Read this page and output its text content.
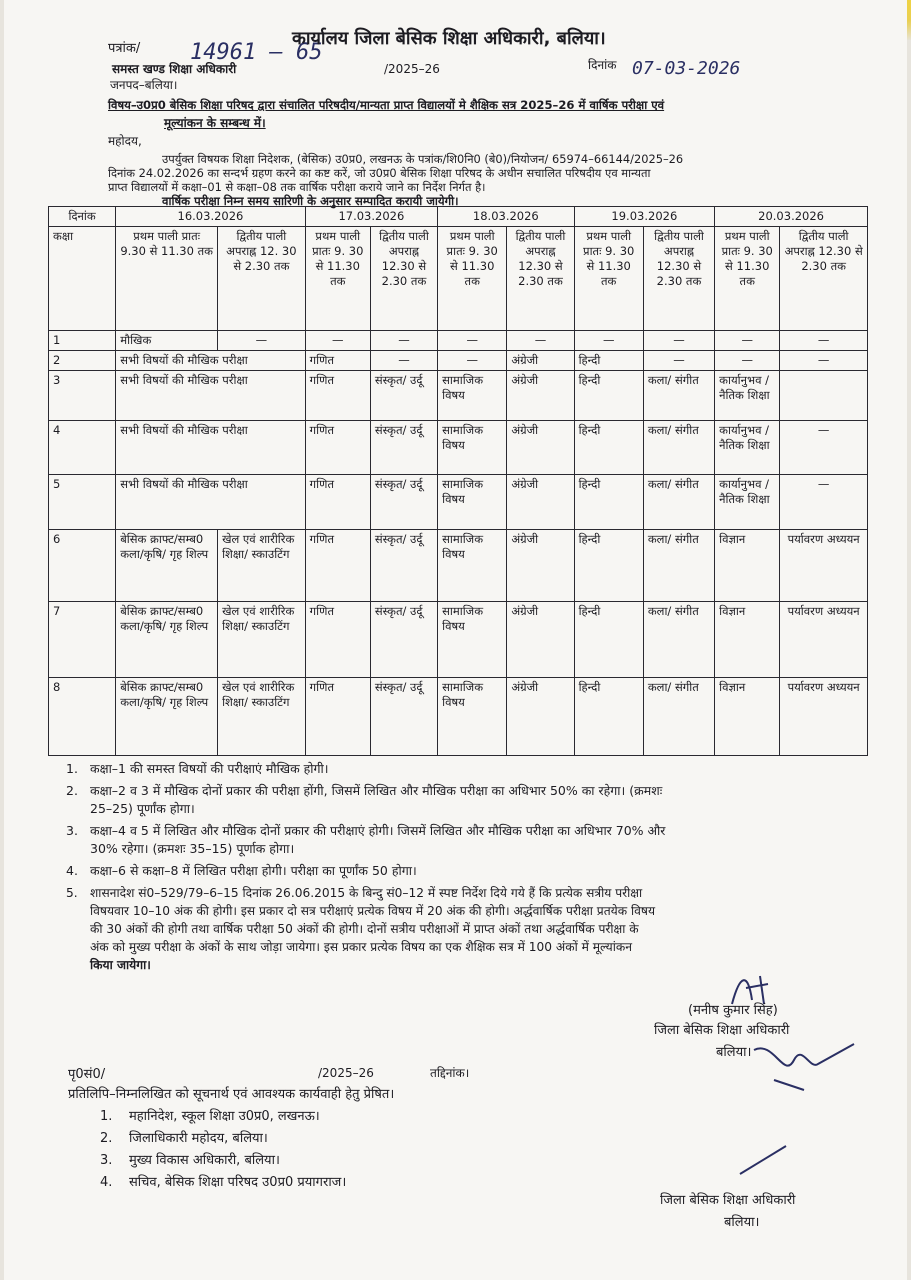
पत्रांक/ 14961 – 65
कार्यालय जिला बेसिक शिक्षा अधिकारी, बलिया।
/2025–26	दिनांक 07-03-2026
समस्त खण्ड शिक्षा अधिकारी
जनपद–बलिया।
विषय–उ0प्र0 बेसिक शिक्षा परिषद द्वारा संचालित परिषदीय/मान्यता प्राप्त विद्यालयों मे शैक्षिक सत्र 2025–26 में वार्षिक परीक्षा एवं
मूल्यांकन के सम्बन्ध में।
महोदय,
उपर्युक्त विषयक शिक्षा निदेशक, (बेसिक) उ0प्र0, लखनऊ के पत्रांक/शि0नि0 (बे0)/नियोजन/ 65974–66144/2025–26
दिनांक 24.02.2026 का सन्दर्भ ग्रहण करने का कष्ट करें, जो उ0प्र0 बेसिक शिक्षा परिषद के अधीन सचालित परिषदीय एव मान्यता
प्राप्त विद्यालयों में कक्षा–01 से कक्षा–08 तक वार्षिक परीक्षा कराये जाने का निर्देश निर्गत है।
वार्षिक परीक्षा निम्न समय सारिणी के अनुसार सम्पादित करायी जायेगी।
दिनांक	16.03.2026		17.03.2026		18.03.2026		19.03.2026		20.03.2026	
कक्षा	प्रथम पाली प्रातः 9.30 से 11.30 तक	द्वितीय पाली अपराह्न 12. 30 से 2.30 तक	प्रथम पाली प्रातः 9. 30 से 11.30 तक	द्वितीय पाली अपराह्न 12.30 से 2.30 तक	प्रथम पाली प्रातः 9. 30 से 11.30 तक	द्वितीय पाली अपराह्न 12.30 से 2.30 तक	प्रथम पाली प्रातः 9. 30 से 11.30 तक	द्वितीय पाली अपराह्न 12.30 से 2.30 तक	प्रथम पाली प्रातः 9. 30 से 11.30 तक	द्वितीय पाली अपराह्न 12.30 से 2.30 तक
1	मौखिक	—	—	—	—	—	—	—	—	—
2	सभी विषयों की मौखिक परीक्षा		गणित	—	—	अंग्रेजी	हिन्दी	—	—	—
3	सभी विषयों की मौखिक परीक्षा		गणित	संस्कृत/ उर्दू	सामाजिक विषय	अंग्रेजी	हिन्दी	कला/ संगीत	कार्यानुभव /नैतिक शिक्षा	
4	सभी विषयों की मौखिक परीक्षा		गणित	संस्कृत/ उर्दू	सामाजिक विषय	अंग्रेजी	हिन्दी	कला/ संगीत	कार्यानुभव /नैतिक शिक्षा	—
5	सभी विषयों की मौखिक परीक्षा		गणित	संस्कृत/ उर्दू	सामाजिक विषय	अंग्रेजी	हिन्दी	कला/ संगीत	कार्यानुभव /नैतिक शिक्षा	—
6	बेसिक क्राफ्ट/सम्ब0 कला/कृषि/ गृह शिल्प	खेल एवं शारीरिक शिक्षा/ स्काउटिंग	गणित	संस्कृत/ उर्दू	सामाजिक विषय	अंग्रेजी	हिन्दी	कला/ संगीत	विज्ञान	पर्यावरण अध्ययन
7	बेसिक क्राफ्ट/सम्ब0 कला/कृषि/ गृह शिल्प	खेल एवं शारीरिक शिक्षा/ स्काउटिंग	गणित	संस्कृत/ उर्दू	सामाजिक विषय	अंग्रेजी	हिन्दी	कला/ संगीत	विज्ञान	पर्यावरण अध्ययन
8	बेसिक क्राफ्ट/सम्ब0 कला/कृषि/ गृह शिल्प	खेल एवं शारीरिक शिक्षा/ स्काउटिंग	गणित	संस्कृत/ उर्दू	सामाजिक विषय	अंग्रेजी	हिन्दी	कला/ संगीत	विज्ञान	पर्यावरण अध्ययन
1. कक्षा–1 की समस्त विषयों की परीक्षाएं मौखिक होगी।
2. कक्षा–2 व 3 में मौखिक दोनों प्रकार की परीक्षा होंगी, जिसमें लिखित और मौखिक परीक्षा का अधिभार 50% का रहेगा। (क्रमशः
25–25) पूर्णांक होगा।
3. कक्षा–4 व 5 में लिखित और मौखिक दोनों प्रकार की परीक्षाएं होगी। जिसमें लिखित और मौखिक परीक्षा का अधिभार 70% और
30% रहेगा। (क्रमशः 35–15) पूर्णाक होगा।
4. कक्षा–6 से कक्षा–8 में लिखित परीक्षा होगी। परीक्षा का पूर्णांक 50 होगा।
5. शासनादेश सं0–529/79–6–15 दिनांक 26.06.2015 के बिन्दु सं0–12 में स्पष्ट निर्देश दिये गये हैं कि प्रत्येक सत्रीय परीक्षा
विषयवार 10–10 अंक की होगी। इस प्रकार दो सत्र परीक्षाएं प्रत्येक विषय में 20 अंक की होगी। अर्द्धवार्षिक परीक्षा प्रतयेक विषय
की 30 अंकों की होगी तथा वार्षिक परीक्षा 50 अंकों की होगी। दोनों सत्रीय परीक्षाओं में प्राप्त अंकों तथा अर्द्धवार्षिक परीक्षा के
अंक को मुख्य परीक्षा के अंकों के साथ जोड़ा जायेगा। इस प्रकार प्रत्येक विषय का एक शैक्षिक सत्र में 100 अंकों में मूल्यांकन
किया जायेगा।
(मनीष कुमार सिंह)
जिला बेसिक शिक्षा अधिकारी
बलिया।
पृ0सं0/	/2025–26	तद्दिनांक।
प्रतिलिपि–निम्नलिखित को सूचनार्थ एवं आवश्यक कार्यवाही हेतु प्रेषित।
1. महानिदेश, स्कूल शिक्षा उ0प्र0, लखनऊ।
2. जिलाधिकारी महोदय, बलिया।
3. मुख्य विकास अधिकारी, बलिया।
4. सचिव, बेसिक शिक्षा परिषद उ0प्र0 प्रयागराज।
जिला बेसिक शिक्षा अधिकारी
बलिया।
